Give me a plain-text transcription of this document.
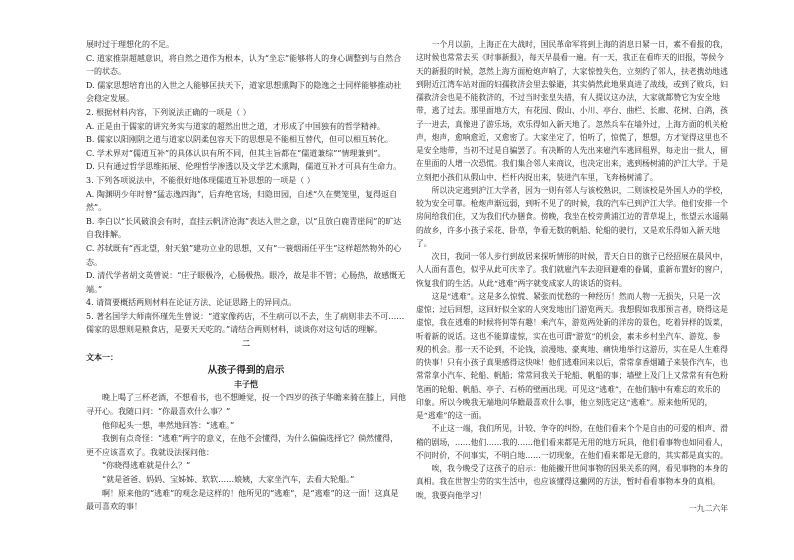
展时过于理想化的不足。

C. 道家推崇超越意识，将自然之道作为根本，认为“坐忘”能够将人的身心调整到与自然合一的状态。

D. 儒家思想培育出的入世之人能够匡扶天下，道家思想熏陶下的隐逸之士同样能够推动社会稳定发展。

2. 根据材料内容，下列说法正确的一项是（ ）

A. 正是由于儒家的讲究务实与道家的超然出世之道，才形成了中国独有的哲学精神。

B. 儒家以阳刚阴之道与道家以阴柔包容天下的思想是不能相互替代，但可以相互转化。

C. 学术界对“儒道互补”的具体认识有所不同，但其主旨都在“儒道兼综”“情理兼到”。

D. 只有通过哲学思维拓展、伦理哲学渗透以及文学艺术熏陶，儒道互补才可具有生命力。

3. 下列各项说法中，不能很好地体现儒道互补思想的一项是（ ）

A. 陶渊明少年时曾“猛志逸四海”，后弃绝官场，归隐田园，自述“久在樊笼里，复得返自然”。

B. 李白以“长风破浪会有时，直挂云帆济沧海”表达入世之意，以“且放白鹿青崖间”的旷达自我排解。

C. 苏轼既有“西北望，射天狼”建功立业的思想，又有“一蓑烟雨任平生”这样超然物外的心态。

D. 清代学者胡文英曾说：“庄子眼极冷，心肠极热。眼冷，故是非不管；心肠热，故感慨无端。”

4. 请简要概括两则材料在论证方法、论证思路上的异同点。

5. 著名国学大师南怀瑾先生曾说：“道家像药店，不生病可以不去，生了病则非去不可……儒家的思想则是粮食店，是要天天吃的。”请结合两则材料，谈谈你对这句话的理解。

二

文本一：

从孩子得到的启示

丰子恺

晚上喝了三杯老酒，不想看书，也不想睡觉，捉一个四岁的孩子华瞻来骑在膝上，同他寻开心。我随口问：“你最喜欢什么事？”

他仰起头一想，率然地回答：“逃难。”

我倒有点奇怪：“逃难”两字的意义，在他不会懂得，为什么偏偏选择它？倘然懂得，更不应该喜欢了。我就设法探问他：

“你晓得逃难就是什么？”

“就是爸爸、妈妈、宝姊姊、软软……娘姨，大家坐汽车，去看大轮船。”

啊！原来他的“逃难”的观念是这样的！他所见的“逃难”，是“逃难”的这一面！这真是最可喜欢的事！

一个月以前，上海正在大战时，国民革命军将到上海的消息日紧一日，素不看报的我，这时候也常常去买《时事新报》，每天早晨看一遍。有一天，我正在看昨天的旧报，等候今天的新报的时候，忽然上海方面枪炮声响了，大家惊惶失色，立刻约了邻人，扶老携幼地逃到附近江湾车站对面的妇孺救济会里去躲避，其实倘然此地果真进了战线，或到了败兵，妇孺救济会也是不能救济的，不过当时张皇失措，有人提议这办法，大家就都赞它为安全地带，逃了过去。那里面地方大，有花园、假山、小川、亭台、曲栏、长廊、花树、白鸽，孩子一进去，真像进了游乐场，欢乐得如入新天地了。忽然兵车在墙外过，上海方面的机关枪声，炮声，愈响愈近，又愈密了。大家坐定了，怕听了，惊慌了，想想，方才觉得这里也不是安全地带，当初不过是自骗罢了。有决断的人先出来雇汽车逃回租界，每走出一批人，留在里面的人增一次恐慌。我们集合邻人来商议，也决定出来，逃到杨树浦的沪江大学。于是立刻把小孩们从假山中、栏杆内捉出来，装进汽车里，飞奔杨树浦了。

所以决定逃到沪江大学者，因为一则有邻人与该校熟识，二则该校是外国人办的学校，较为安全可靠。枪炮声渐远弱，到听不见了的时候，我的汽车已到沪江大学。他们安排一个房间给我们住，又为我们代办膳食。傍晚，我坐在校旁黄浦江边的青草堤上，怅望云水遥隔的故乡，许多小孩子采花、卧草，争看无数的帆船、轮船的驶行，又是欢乐得如入新天地了。

次日，我同一邻人步行到故居来探听情形的时候，青天白日的旗子已经招展在晨风中，人人面有喜色，似乎从此可庆幸了。我们就雇汽车去迎回避难的眷属，重新布置好的窗户，恢复我们的生活。从此“逃难”两字就变成家人的谈话的资料。

这是“逃难”。这是多么惊慌、紧张而忧愁的一种经历！然而人物一无损失，只是一次虚惊；过后回想，这回好似全家的人突发地出门游览两天。我想假如我那预言者，晓得这是虚惊，我在逃难的时候将何等有趣！乘汽车，游览两处新的洋房的景色，吃着异样的饭菜，听着新的说话。这也不能算虚惊，实在也可谓“游览”的机会，素未乡村坐汽车、游览、参观的机会。那一天不论到，不论钱，浪漫地、豪爽地、痛快地举行这游历，实在是人生难得的快事！只有小孩子真果感得这快味！他们逃难回来以后，常常拿香烟罐子来装作汽车，也常常拿小汽车、轮船、帆船；常常同我关于轮船、帆船的事；墙壁上及门上又常常有有色粉笔画的轮船、帆船、亭子、石桥的壁画出现。可见这“逃难”，在他们脑中有难忘的欢乐的印象。所以今晚我无端地问华瞻最喜欢什么事，他立刻选定这“逃难”。原来他所见的，是“逃难”的这一面。

不止这一端，我们所见，计较、争夺的纠纷，在他们看来个个是自由的可爱的相声、滑稽的剧场，……他们……我的……他们看来都是无用的地方玩具，他们看事物也如同看人，不问时价，不问事实，不明白地……一切现象，在他们看来都是无意的，其实都是真实的。

唉，我今晚受了这孩子的启示：他能撇开世间事物的因果关系的网，看见事物的本身的真相。我在世智尘劳的实生活中，也应该懂得这撇网的方法，暂时看看事物本身的真相。唉，我要向他学习！

一九二六年
